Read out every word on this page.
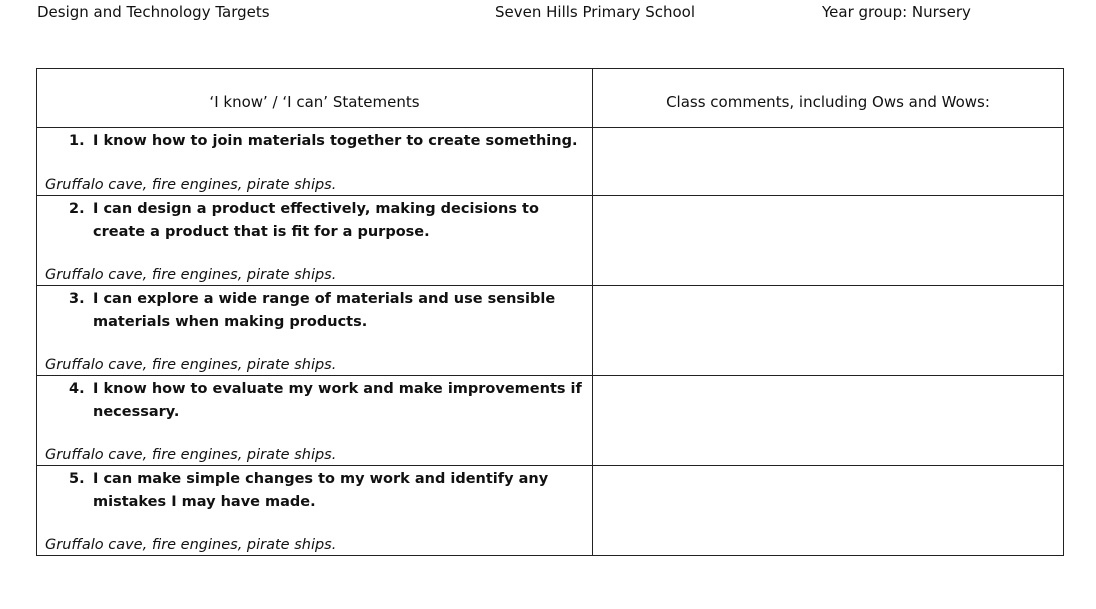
Design and Technology Targets	Seven Hills Primary School	Year group: Nursery
‘I know’ / ‘I can’ Statements	Class comments, including Ows and Wows:

1. I know how to join materials together to create something.
Gruffalo cave, fire engines, pirate ships.	

2. I can design a product effectively, making decisions to create a product that is fit for a purpose.
Gruffalo cave, fire engines, pirate ships.	

3. I can explore a wide range of materials and use sensible materials when making products.
Gruffalo cave, fire engines, pirate ships.	

4. I know how to evaluate my work and make improvements if necessary.
Gruffalo cave, fire engines, pirate ships.	

5. I can make simple changes to my work and identify any mistakes I may have made.
Gruffalo cave, fire engines, pirate ships.	
